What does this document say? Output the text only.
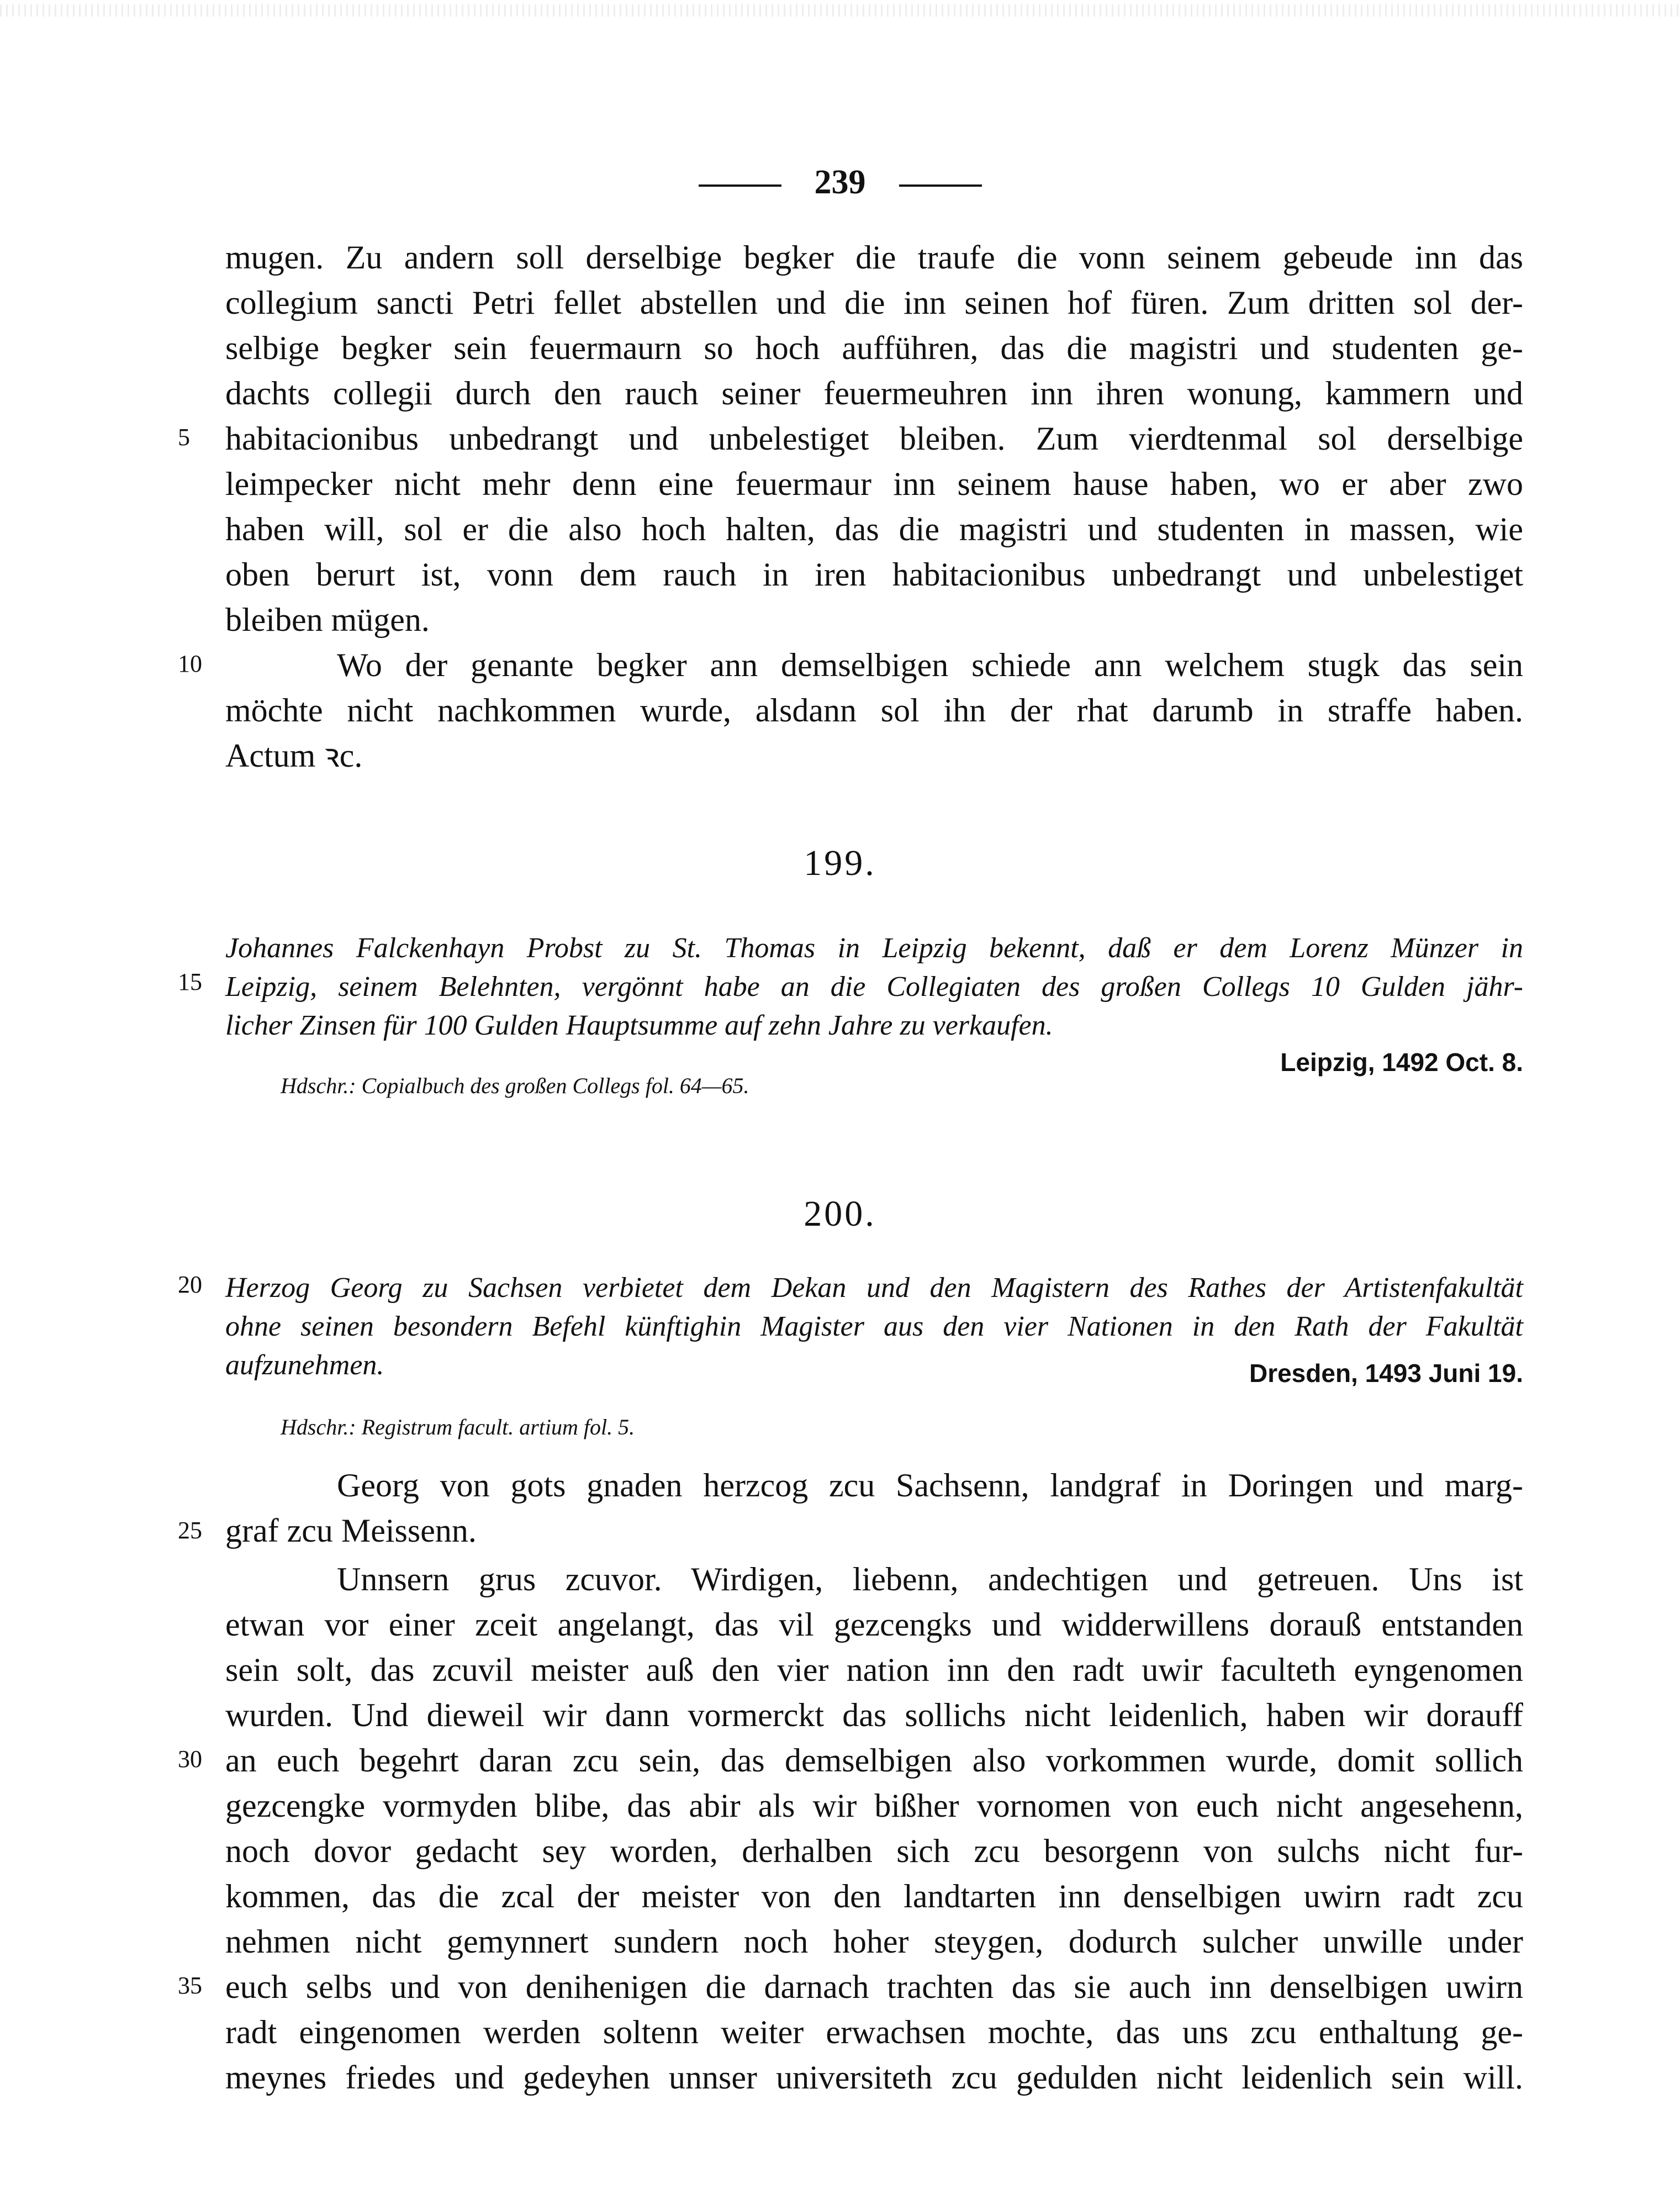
239
mugen. Zu andern soll derselbige begker die traufe die vonn seinem gebeude inn das
collegium sancti Petri fellet abstellen und die inn seinen hof füren. Zum dritten sol der-
selbige begker sein feuermaurn so hoch aufführen, das die magistri und studenten ge-
dachts collegii durch den rauch seiner feuermeuhren inn ihren wonung, kammern und
5 habitacionibus unbedrangt und unbelestiget bleiben. Zum vierdtenmal sol derselbige
leimpecker nicht mehr denn eine feuermaur inn seinem hause haben, wo er aber zwo
haben will, sol er die also hoch halten, das die magistri und studenten in massen, wie
oben berurt ist, vonn dem rauch in iren habitacionibus unbedrangt und unbelestiget
bleiben mügen.
10	Wo der genante begker ann demselbigen schiede ann welchem stugk das sein
möchte nicht nachkommen wurde, alsdann sol ihn der rhat darumb in straffe haben.
Actum ꝛc.
199.
Johannes Falckenhayn Probst zu St. Thomas in Leipzig bekennt, daß er dem Lorenz Münzer in
15 Leipzig, seinem Belehnten, vergönnt habe an die Collegiaten des großen Collegs 10 Gulden jähr-
licher Zinsen für 100 Gulden Hauptsumme auf zehn Jahre zu verkaufen.
Leipzig, 1492 Oct. 8.
Hdschr.: Copialbuch des großen Collegs fol. 64—65.
200.
20 Herzog Georg zu Sachsen verbietet dem Dekan und den Magistern des Rathes der Artistenfakultät
ohne seinen besondern Befehl künftighin Magister aus den vier Nationen in den Rath der Fakultät
aufzunehmen.	Dresden, 1493 Juni 19.
Hdschr.: Registrum facult. artium fol. 5.
Georg von gots gnaden herzcog zcu Sachsenn, landgraf in Doringen und marg-
25 graf zcu Meissenn.
Unnsern grus zcuvor. Wirdigen, liebenn, andechtigen und getreuen. Uns ist
etwan vor einer zceit angelangt, das vil gezcengks und widderwillens dorauß entstanden
sein solt, das zcuvil meister auß den vier nation inn den radt uwir faculteth eyngenomen
wurden. Und dieweil wir dann vormerckt das sollichs nicht leidenlich, haben wir dorauff
30 an euch begehrt daran zcu sein, das demselbigen also vorkommen wurde, domit sollich
gezcengke vormyden blibe, das abir als wir bißher vornomen von euch nicht angesehenn,
noch dovor gedacht sey worden, derhalben sich zcu besorgenn von sulchs nicht fur-
kommen, das die zcal der meister von den landtarten inn denselbigen uwirn radt zcu
nehmen nicht gemynnert sundern noch hoher steygen, dodurch sulcher unwille under
35 euch selbs und von denihenigen die darnach trachten das sie auch inn denselbigen uwirn
radt eingenomen werden soltenn weiter erwachsen mochte, das uns zcu enthaltung ge-
meynes friedes und gedeyhen unnser universiteth zcu gedulden nicht leidenlich sein will.
